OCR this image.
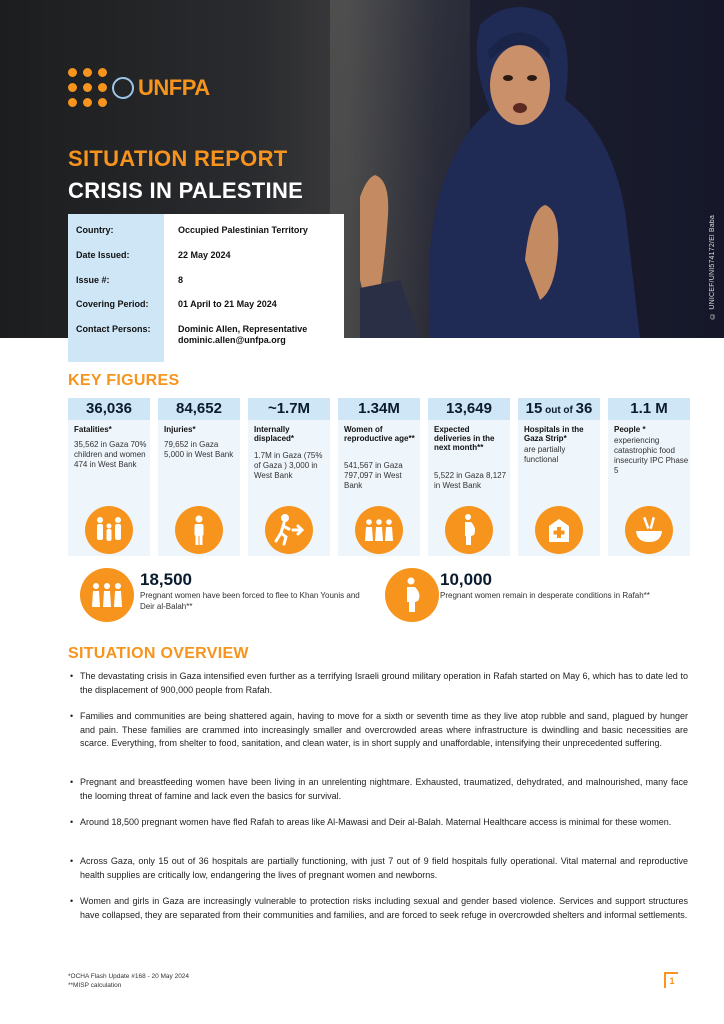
© UNICEF/UNI574172/El Baba
UNFPA
SITUATION REPORT
CRISIS IN PALESTINE
Country:	Occupied Palestinian Territory
Date Issued:	22 May 2024
Issue #:	8
Covering Period:	01 April to 21 May 2024
Contact Persons:	Dominic Allen, Representative
dominic.allen@unfpa.org
KEY FIGURES
36,036
Fatalities*
35,562 in Gaza 70% children and women 474 in West Bank
84,652
Injuries*
79,652 in Gaza 5,000 in West Bank
~1.7M
Internally displaced*
1.7M in Gaza (75% of Gaza ) 3,000 in West Bank
1.34M
Women of reproductive age**
541,567 in Gaza 797,097 in West Bank
13,649
Expected deliveries in the next month**
5,522 in Gaza 8,127 in West Bank
15 out of 36
Hospitals in the Gaza Strip*
are partially functional
1.1 M
People *
experiencing catastrophic food insecurity IPC Phase 5
18,500
Pregnant women have been forced to flee to Khan Younis and Deir al-Balah**
10,000
Pregnant women remain in desperate conditions in Rafah**
SITUATION OVERVIEW
• The devastating crisis in Gaza intensified even further as a terrifying Israeli ground military operation in Rafah started on May 6, which has to date led to the displacement of 900,000 people from Rafah.
• Families and communities are being shattered again, having to move for a sixth or seventh time as they live atop rubble and sand, plagued by hunger and pain. These families are crammed into increasingly smaller and overcrowded areas where infrastructure is dwindling and basic necessities are scarce. Everything, from shelter to food, sanitation, and clean water, is in short supply and unaffordable, intensifying their unprecedented suffering.
• Pregnant and breastfeeding women have been living in an unrelenting nightmare. Exhausted, traumatized, dehydrated, and malnourished, many face the looming threat of famine and lack even the basics for survival.
• Around 18,500 pregnant women have fled Rafah to areas like Al-Mawasi and Deir al-Balah. Maternal Healthcare access is minimal for these women.
• Across Gaza, only 15 out of 36 hospitals are partially functioning, with just 7 out of 9 field hospitals fully operational. Vital maternal and reproductive health supplies are critically low, endangering the lives of pregnant women and newborns.
• Women and girls in Gaza are increasingly vulnerable to protection risks including sexual and gender based violence. Services and support structures have collapsed, they are separated from their communities and families, and are forced to seek refuge in overcrowded shelters and informal settlements.
*OCHA Flash Update #168 - 20 May 2024
**MISP calculation	1
